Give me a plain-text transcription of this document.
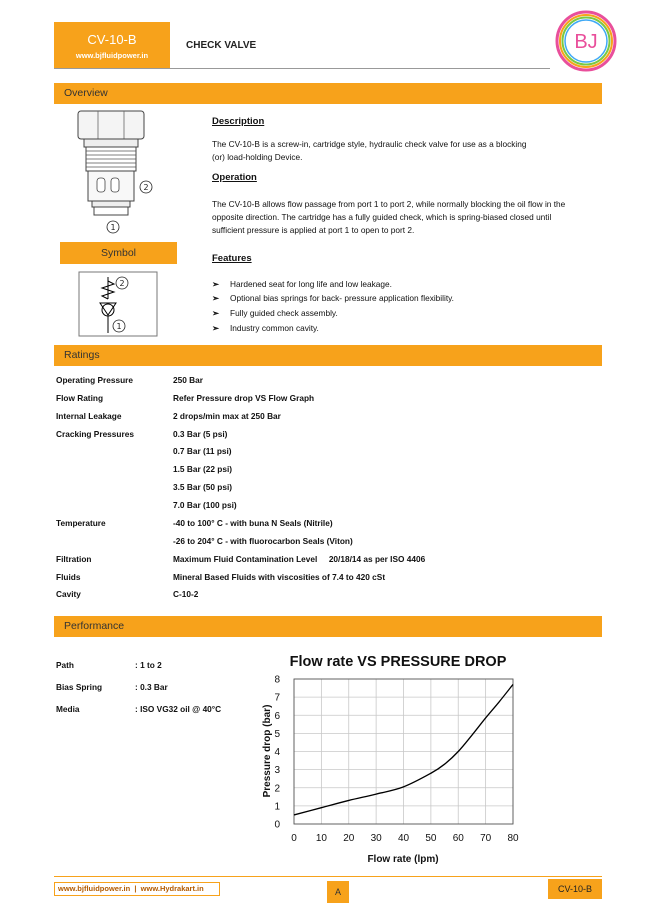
CV-10-B
www.bjfluidpower.in
CHECK VALVE	BJ
Overview
2
1
Symbol
2
1
Description
The CV-10-B is a screw-in, cartridge style, hydraulic check valve for use as a blocking
(or) load-holding Device.
Operation
The CV-10-B allows flow passage from port 1 to port 2, while normally blocking the oil flow in the
opposite direction. The cartridge has a fully guided check, which is spring-biased closed until
sufficient pressure is applied at port 1 to open to port 2.
Features
➢ Hardened seat for long life and low leakage.
➢ Optional bias springs for back- pressure application flexibility.
➢ Fully guided check assembly.
➢ Industry common cavity.
Ratings
Operating Pressure	250 Bar
Flow Rating	Refer Pressure drop VS Flow Graph
Internal Leakage	2 drops/min max at 250 Bar
Cracking Pressures	0.3 Bar (5 psi)
0.7 Bar (11 psi)
1.5 Bar (22 psi)
3.5 Bar (50 psi)
7.0 Bar (100 psi)
Temperature	-40 to 100° C - with buna N Seals (Nitrile)
-26 to 204° C - with fluorocarbon Seals (Viton)
Filtration	Maximum Fluid Contamination Level     20/18/14 as per ISO 4406
Fluids	Mineral Based Fluids with viscosities of 7.4 to 420 cSt
Cavity	C-10-2
Performance
Path	: 1 to 2
Bias Spring	: 0.3 Bar
Media	: ISO VG32 oil @ 40°C
Flow rate VS PRESSURE DROP
0 10 20 30 40 50 60 70 80
0
1
2
3
4
5
6
7
8
Flow rate (lpm)
Pressure drop (bar)
www.bjfluidpower.in  |  www.Hydrakart.in	A	CV-10-B
